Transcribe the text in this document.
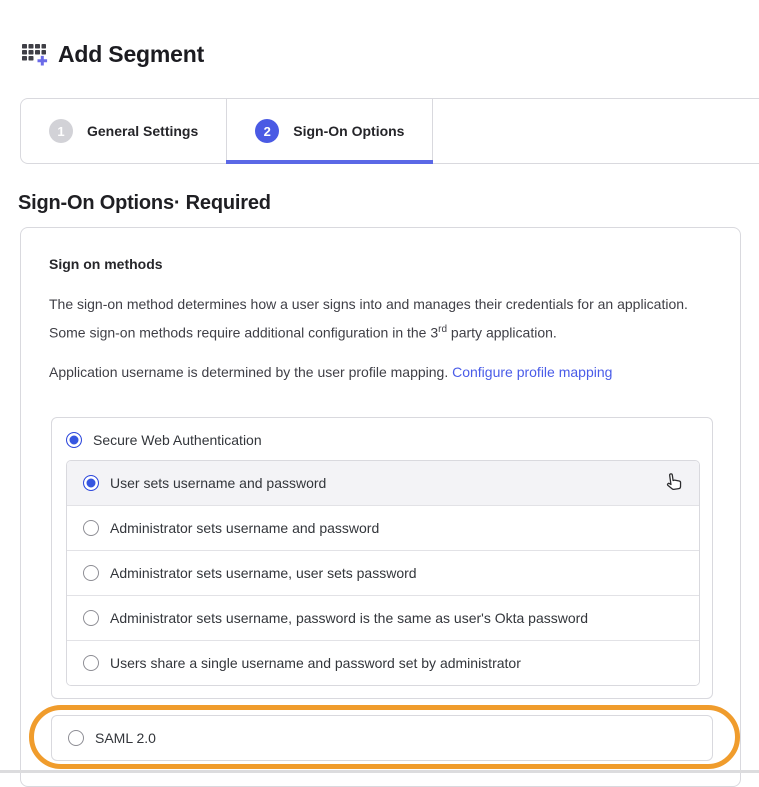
Add Segment
1	General Settings	2	Sign-On Options
Sign-On Options· Required
Sign on methods

The sign-on method determines how a user signs into and manages their credentials for an application. Some sign-on methods require additional configuration in the 3rd party application.

Application username is determined by the user profile mapping. Configure profile mapping

Secure Web Authentication
User sets username and password
Administrator sets username and password
Administrator sets username, user sets password
Administrator sets username, password is the same as user's Okta password
Users share a single username and password set by administrator
SAML 2.0
